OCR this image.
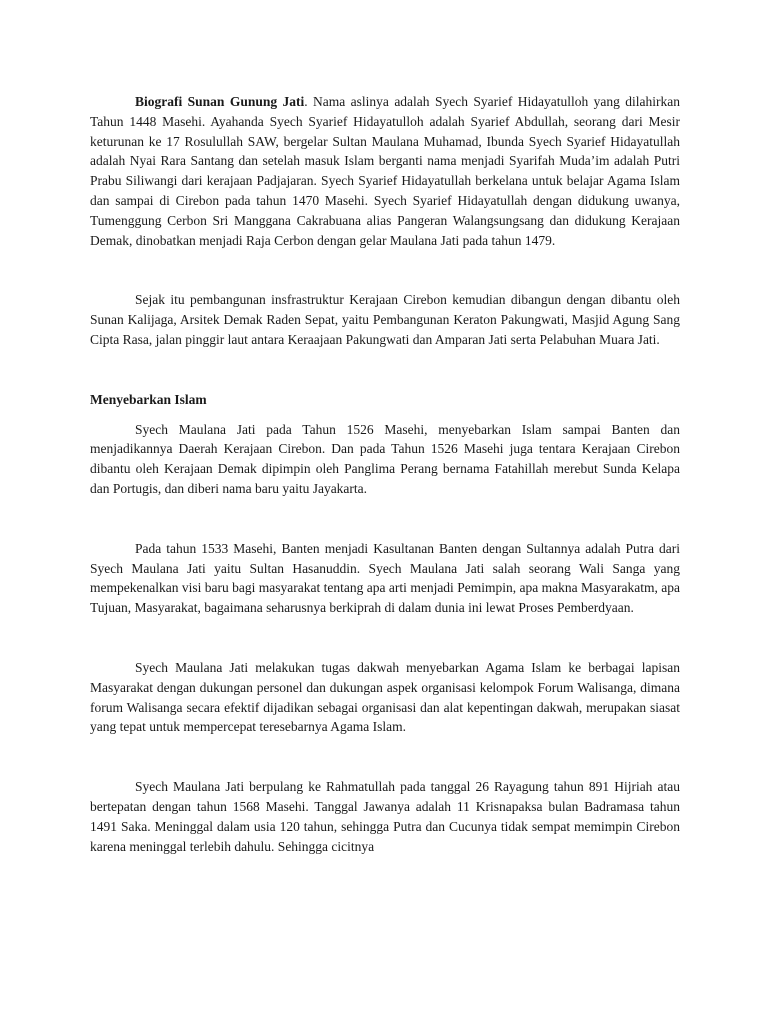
Biografi Sunan Gunung Jati. Nama aslinya adalah Syech Syarief Hidayatulloh yang dilahirkan Tahun 1448 Masehi. Ayahanda Syech Syarief Hidayatulloh adalah Syarief Abdullah, seorang dari Mesir keturunan ke 17 Rosulullah SAW, bergelar Sultan Maulana Muhamad, Ibunda Syech Syarief Hidayatullah adalah Nyai Rara Santang dan setelah masuk Islam berganti nama menjadi Syarifah Muda’im adalah Putri Prabu Siliwangi dari kerajaan Padjajaran. Syech Syarief Hidayatullah berkelana untuk belajar Agama Islam dan sampai di Cirebon pada tahun 1470 Masehi. Syech Syarief Hidayatullah dengan didukung uwanya, Tumenggung Cerbon Sri Manggana Cakrabuana alias Pangeran Walangsungsang dan didukung Kerajaan Demak, dinobatkan menjadi Raja Cerbon dengan gelar Maulana Jati pada tahun 1479.

Sejak itu pembangunan insfrastruktur Kerajaan Cirebon kemudian dibangun dengan dibantu oleh Sunan Kalijaga, Arsitek Demak Raden Sepat, yaitu Pembangunan Keraton Pakungwati, Masjid Agung Sang Cipta Rasa, jalan pinggir laut antara Keraajaan Pakungwati dan Amparan Jati serta Pelabuhan Muara Jati.

Menyebarkan Islam

Syech Maulana Jati pada Tahun 1526 Masehi, menyebarkan Islam sampai Banten dan menjadikannya Daerah Kerajaan Cirebon. Dan pada Tahun 1526 Masehi juga tentara Kerajaan Cirebon dibantu oleh Kerajaan Demak dipimpin oleh Panglima Perang bernama Fatahillah merebut Sunda Kelapa dan Portugis, dan diberi nama baru yaitu Jayakarta.

Pada tahun 1533 Masehi, Banten menjadi Kasultanan Banten dengan Sultannya adalah Putra dari Syech Maulana Jati yaitu Sultan Hasanuddin. Syech Maulana Jati salah seorang Wali Sanga yang mempekenalkan visi baru bagi masyarakat tentang apa arti menjadi Pemimpin, apa makna Masyarakatm, apa Tujuan, Masyarakat, bagaimana seharusnya berkiprah di dalam dunia ini lewat Proses Pemberdyaan.

Syech Maulana Jati melakukan tugas dakwah menyebarkan Agama Islam ke berbagai lapisan Masyarakat dengan dukungan personel dan dukungan aspek organisasi kelompok Forum Walisanga, dimana forum Walisanga secara efektif dijadikan sebagai organisasi dan alat kepentingan dakwah, merupakan siasat yang tepat untuk mempercepat teresebarnya Agama Islam.

Syech Maulana Jati berpulang ke Rahmatullah pada tanggal 26 Rayagung tahun 891 Hijriah atau bertepatan dengan tahun 1568 Masehi. Tanggal Jawanya adalah 11 Krisnapaksa bulan Badramasa tahun 1491 Saka. Meninggal dalam usia 120 tahun, sehingga Putra dan Cucunya tidak sempat memimpin Cirebon karena meninggal terlebih dahulu. Sehingga cicitnya
